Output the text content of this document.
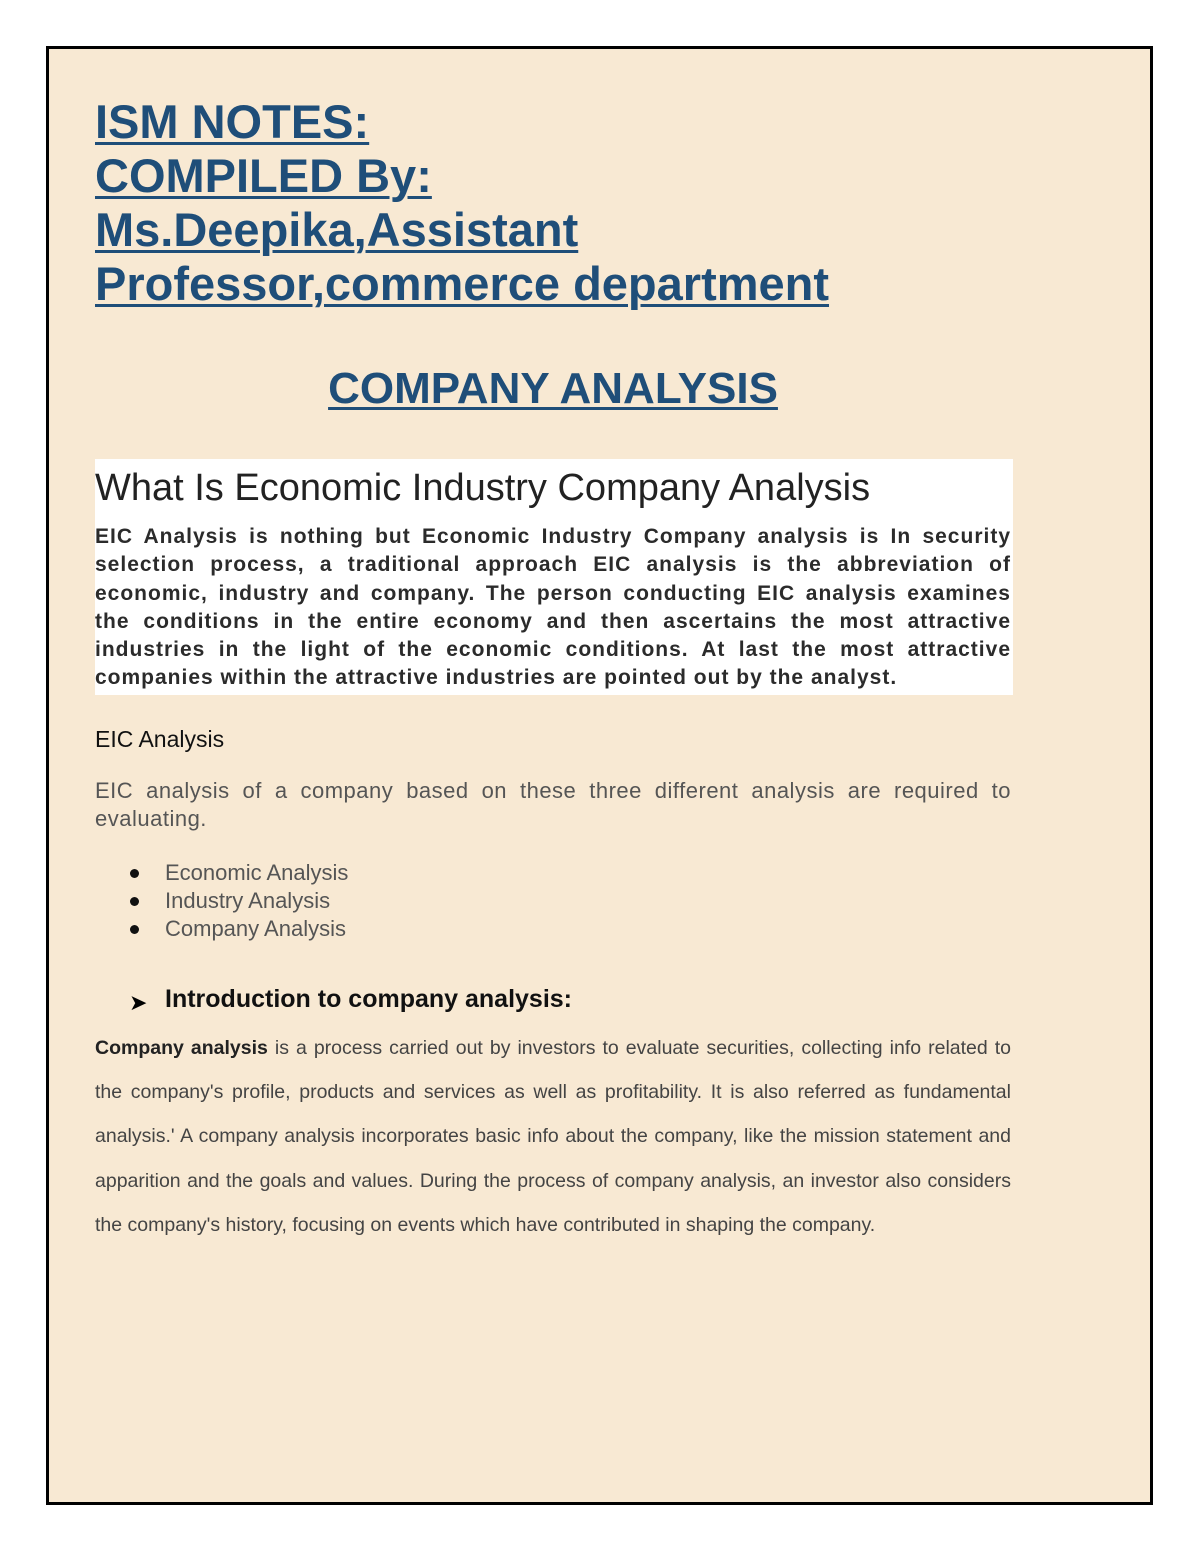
ISM NOTES:
COMPILED By:
Ms.Deepika,Assistant
Professor,commerce department
COMPANY ANALYSIS
What Is Economic Industry Company Analysis

EIC Analysis is nothing but Economic Industry Company analysis is In security selection process, a traditional approach EIC analysis is the abbreviation of economic, industry and company. The person conducting EIC analysis examines the conditions in the entire economy and then ascertains the most attractive industries in the light of the economic conditions. At last the most attractive companies within the attractive industries are pointed out by the analyst.

EIC Analysis

EIC analysis of a company based on these three different analysis are required to evaluating.

Economic Analysis
Industry Analysis
Company Analysis
➤ Introduction to company analysis:

Company analysis is a process carried out by investors to evaluate securities, collecting info related to the company's profile, products and services as well as profitability. It is also referred as fundamental analysis.' A company analysis incorporates basic info about the company, like the mission statement and apparition and the goals and values. During the process of company analysis, an investor also considers the company's history, focusing on events which have contributed in shaping the company.
